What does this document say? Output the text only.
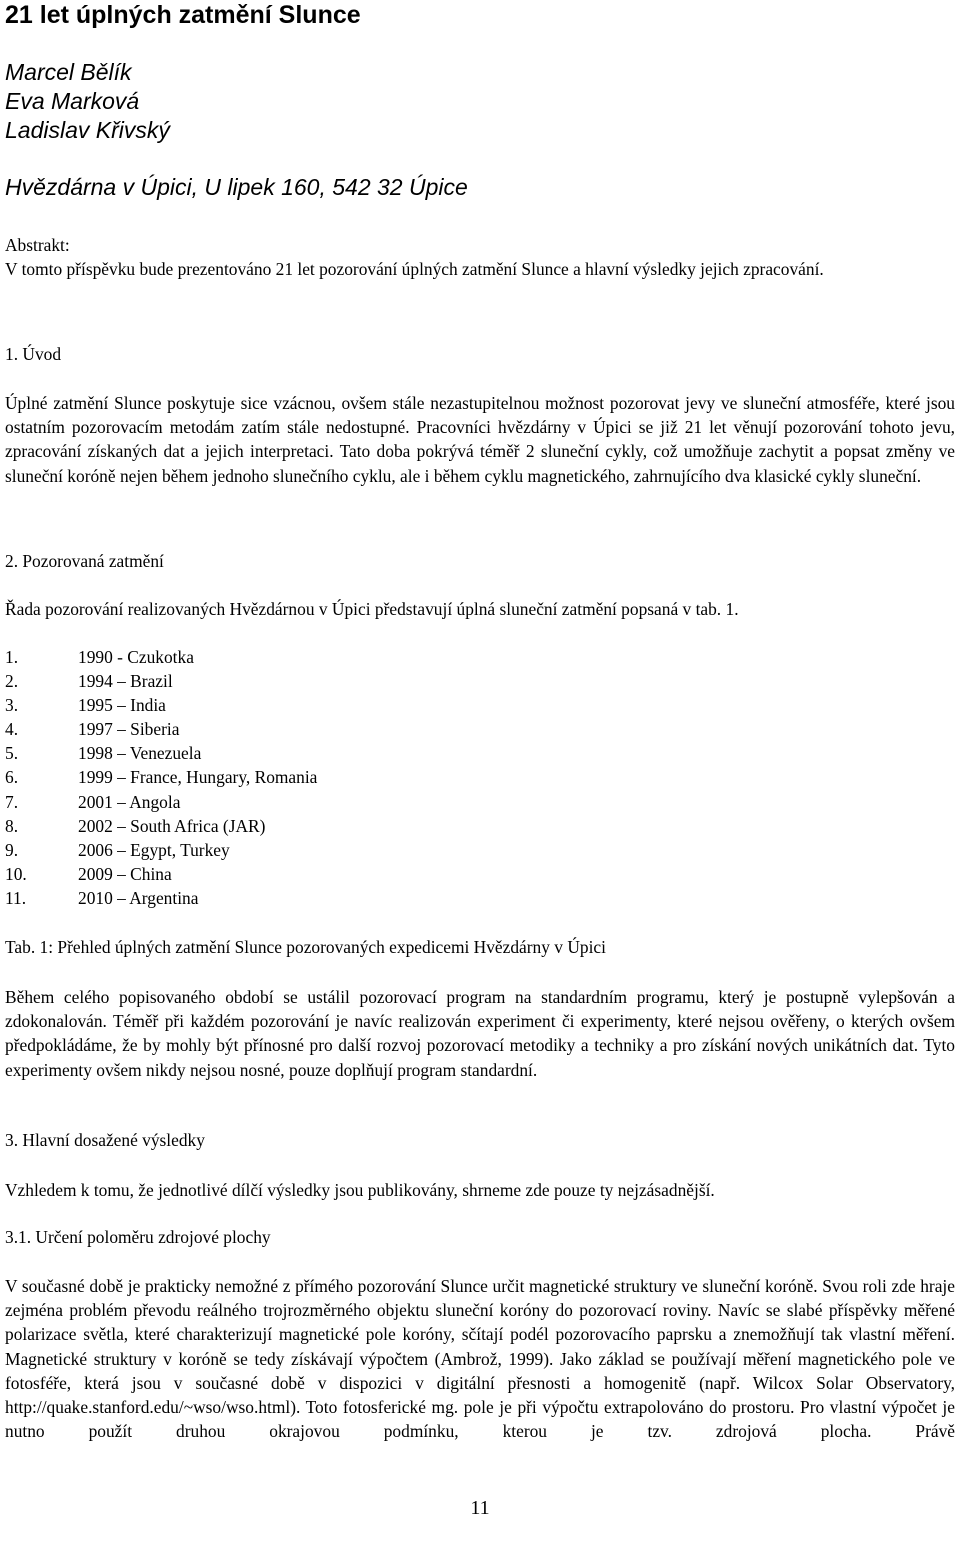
21 let úplných zatmění Slunce

Marcel Bělík

Eva Marková

Ladislav Křivský

Hvězdárna v Úpici, U lipek 160, 542 32 Úpice

Abstrakt:

V tomto příspěvku bude prezentováno 21 let pozorování úplných zatmění Slunce a hlavní výsledky jejich zpracování.

1. Úvod

Úplné zatmění Slunce poskytuje sice vzácnou, ovšem stále nezastupitelnou možnost pozorovat jevy ve sluneční atmosféře, které jsou ostatním pozorovacím metodám zatím stále nedostupné. Pracovníci hvězdárny v Úpici se již 21 let věnují pozorování tohoto jevu, zpracování získaných dat a jejich interpretaci. Tato doba pokrývá téměř 2 sluneční cykly, což umožňuje zachytit a popsat změny ve sluneční koróně nejen během jednoho slunečního cyklu, ale i během cyklu magnetického, zahrnujícího dva klasické cykly sluneční.

2. Pozorovaná zatmění

Řada pozorování realizovaných Hvězdárnou v Úpici představují úplná sluneční zatmění popsaná v tab. 1.

1.	1990 - Czukotka
2.	1994 – Brazil
3.	1995 – India
4.	1997 – Siberia
5.	1998 – Venezuela
6.	1999 – France, Hungary, Romania
7.	2001 – Angola
8.	2002 – South Africa (JAR)
9.	2006 – Egypt, Turkey
10.	2009 – China
11.	2010 – Argentina

Tab. 1: Přehled úplných zatmění Slunce pozorovaných expedicemi Hvězdárny v Úpici

Během celého popisovaného období se ustálil pozorovací program na standardním programu, který je postupně vylepšován a zdokonalován. Téměř při každém pozorování je navíc realizován experiment či experimenty, které nejsou ověřeny, o kterých ovšem předpokládáme, že by mohly být přínosné pro další rozvoj pozorovací metodiky a techniky a pro získání nových unikátních dat. Tyto experimenty ovšem nikdy nejsou nosné, pouze doplňují program standardní.

3. Hlavní dosažené výsledky

Vzhledem k tomu, že jednotlivé dílčí výsledky jsou publikovány, shrneme zde pouze ty nejzásadnější.

3.1. Určení poloměru zdrojové plochy

V současné době je prakticky nemožné z přímého pozorování Slunce určit magnetické struktury ve sluneční koróně. Svou roli zde hraje zejména problém převodu reálného trojrozměrného objektu sluneční koróny do pozorovací roviny. Navíc se slabé příspěvky měřené polarizace světla, které charakterizují magnetické pole koróny, sčítají podél pozorovacího paprsku a znemožňují tak vlastní měření. Magnetické struktury v koróně se tedy získávají výpočtem (Ambrož, 1999). Jako základ se používají měření magnetického pole ve fotosféře, která jsou v současné době v dispozici v digitální přesnosti a homogenitě (např. Wilcox Solar Observatory, http://quake.stanford.edu/~wso/wso.html). Toto fotosferické mg. pole je při výpočtu extrapolováno do prostoru. Pro vlastní výpočet je nutno použít druhou okrajovou podmínku, kterou je tzv. zdrojová plocha. Právě

11
